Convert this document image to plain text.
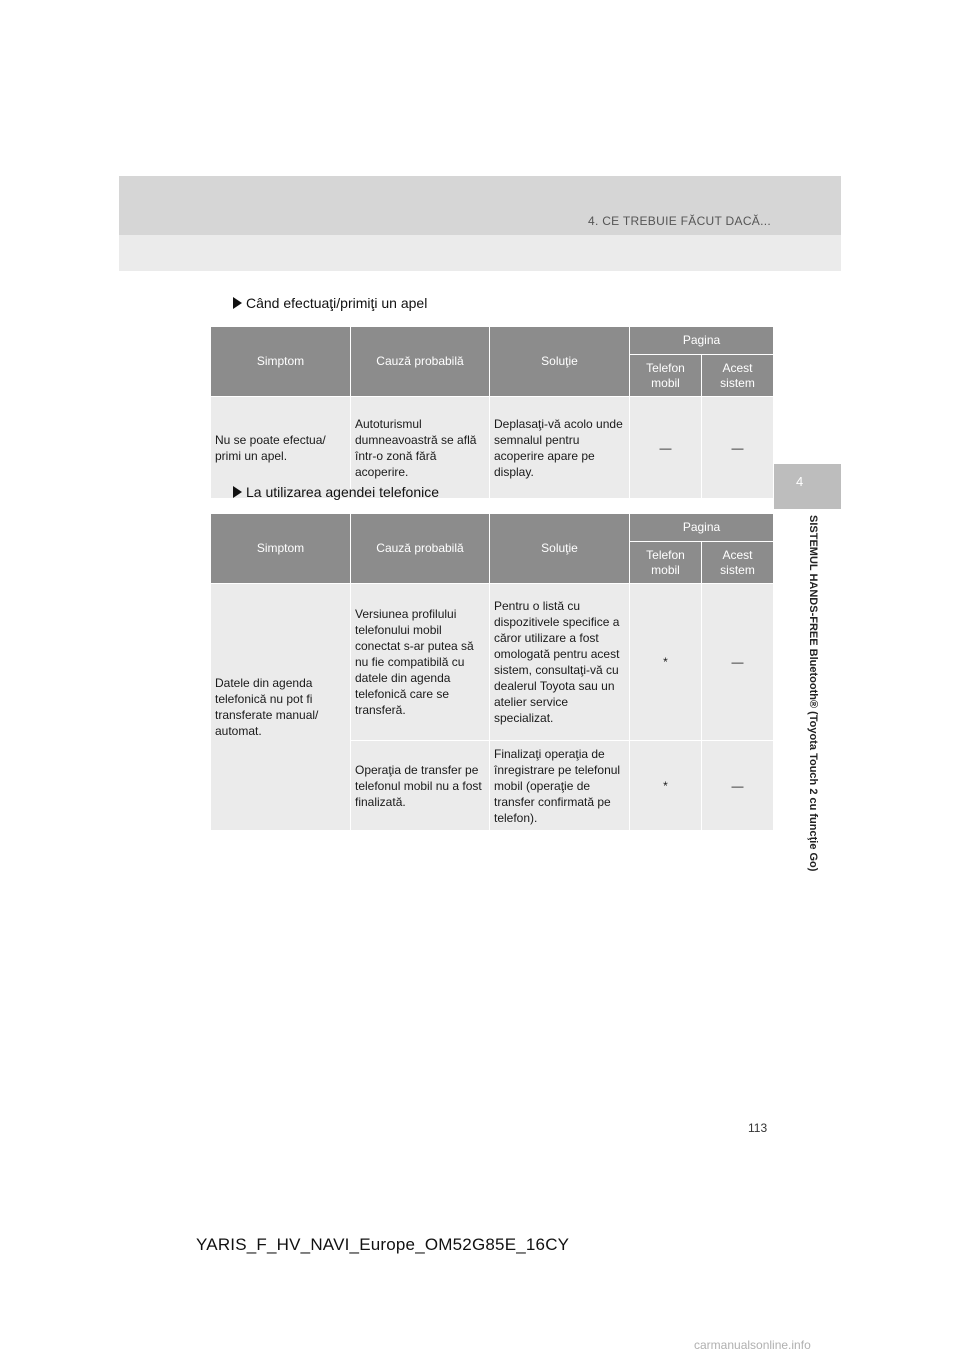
4. CE TREBUIE FĂCUT DACĂ...
4
SISTEMUL HANDS-FREE Bluetooth® (Toyota Touch 2 cu funcţie Go)
Când efectuaţi/primiţi un apel
Simptom	Cauză probabilă	Soluţie	Pagina	
			Telefon mobil	Acest sistem
Nu se poate efectua/ primi un apel.	Autoturismul dumneavoastră se află într-o zonă fără acoperire.	Deplasaţi-vă acolo unde semnalul pentru acoperire apare pe display.	—	—
La utilizarea agendei telefonice
Simptom	Cauză probabilă	Soluţie	Pagina	
			Telefon mobil	Acest sistem
Datele din agenda telefonică nu pot fi transferate manual/ automat.	Versiunea profilului telefonului mobil conectat s-ar putea să nu fie compatibilă cu datele din agenda telefonică care se transferă.	Pentru o listă cu dispozitivele specifice a căror utilizare a fost omologată pentru acest sistem, consultaţi-vă cu dealerul Toyota sau un atelier service specializat.	*	—
	Operaţia de transfer pe telefonul mobil nu a fost finalizată.	Finalizaţi operaţia de înregistrare pe telefonul mobil (operaţie de transfer confirmată pe telefon).	*	—
113
YARIS_F_HV_NAVI_Europe_OM52G85E_16CY
carmanualsonline.info
